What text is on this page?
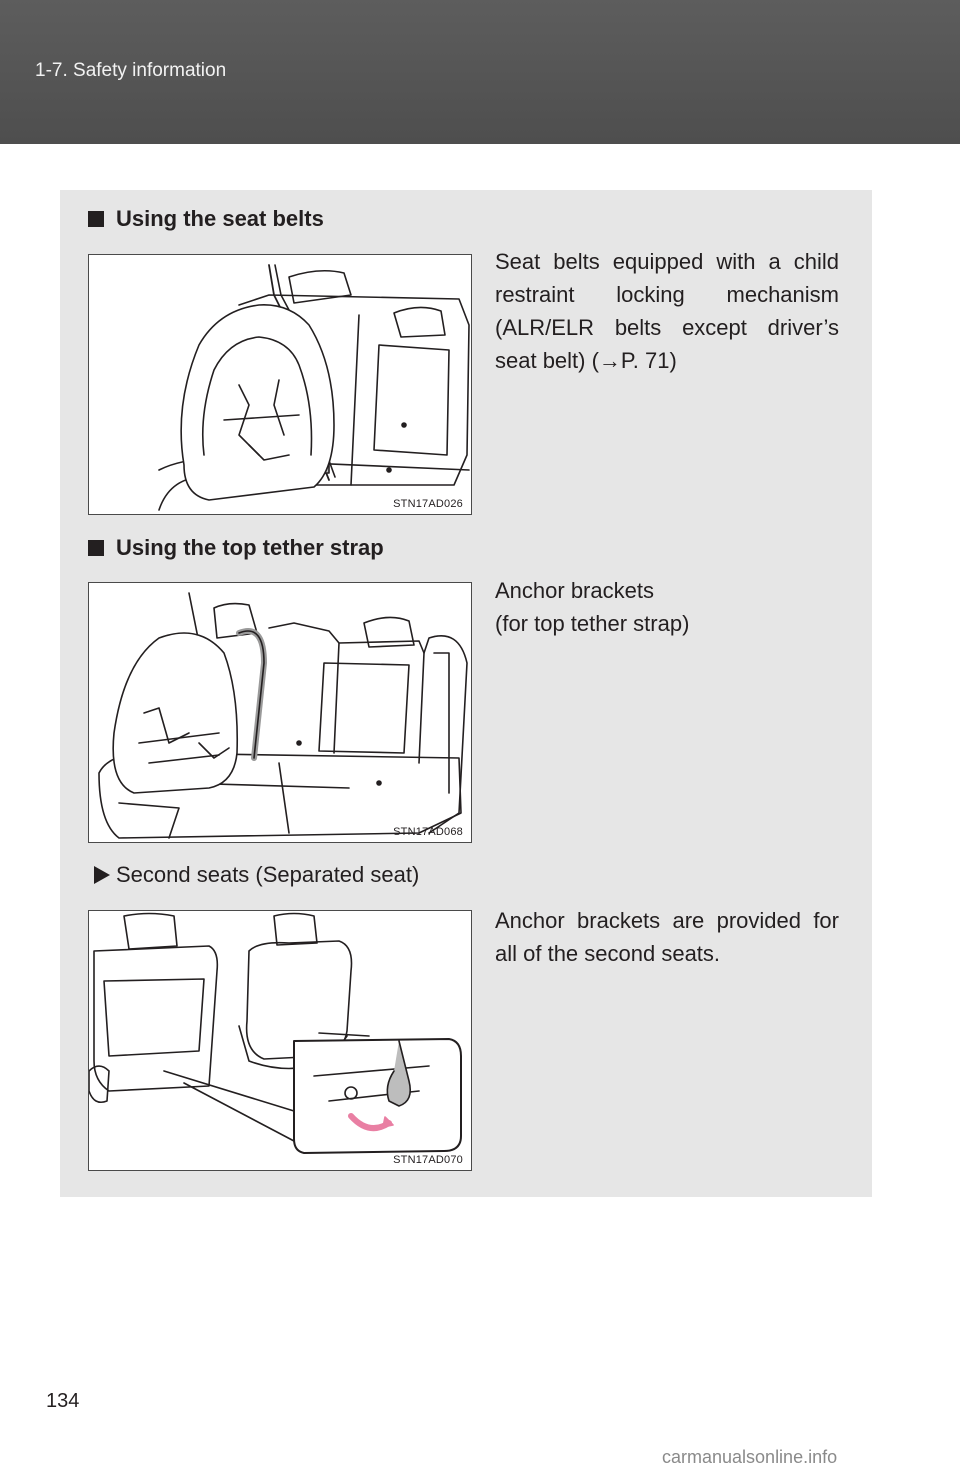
1-7. Safety information
Using the seat belts
STN17AD026
Seat belts equipped with a child restraint locking mechanism (ALR/ELR belts except driver’s seat belt) (→P. 71)
Using the top tether strap
STN17AD068
Anchor brackets
(for top tether strap)
Second seats (Separated seat)
STN17AD070
Anchor brackets are provided for all of the second seats.
134
carmanualsonline.info
